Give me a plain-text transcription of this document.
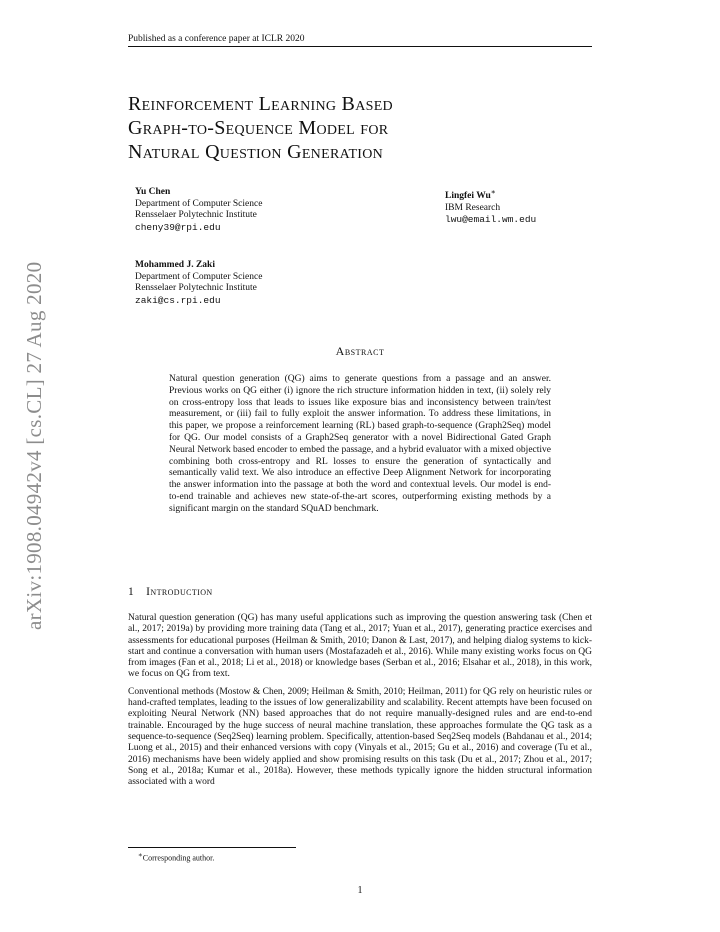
Published as a conference paper at ICLR 2020
arXiv:1908.04942v4 [cs.CL] 27 Aug 2020
Reinforcement Learning Based
Graph-to-Sequence Model for
Natural Question Generation
Yu Chen
Department of Computer Science
Rensselaer Polytechnic Institute
cheny39@rpi.edu
Lingfei Wu∗
IBM Research
lwu@email.wm.edu
Mohammed J. Zaki
Department of Computer Science
Rensselaer Polytechnic Institute
zaki@cs.rpi.edu
Abstract
Natural question generation (QG) aims to generate questions from a passage and an answer. Previous works on QG either (i) ignore the rich structure information hidden in text, (ii) solely rely on cross-entropy loss that leads to issues like exposure bias and inconsistency between train/test measurement, or (iii) fail to fully exploit the answer information. To address these limitations, in this paper, we propose a reinforcement learning (RL) based graph-to-sequence (Graph2Seq) model for QG. Our model consists of a Graph2Seq generator with a novel Bidirectional Gated Graph Neural Network based encoder to embed the passage, and a hybrid evaluator with a mixed objective combining both cross-entropy and RL losses to ensure the generation of syntactically and semantically valid text. We also introduce an effective Deep Alignment Network for incorporating the answer information into the passage at both the word and contextual levels. Our model is end-to-end trainable and achieves new state-of-the-art scores, outperforming existing methods by a significant margin on the standard SQuAD benchmark.
1 Introduction

Natural question generation (QG) has many useful applications such as improving the question answering task (Chen et al., 2017; 2019a) by providing more training data (Tang et al., 2017; Yuan et al., 2017), generating practice exercises and assessments for educational purposes (Heilman & Smith, 2010; Danon & Last, 2017), and helping dialog systems to kick-start and continue a conversation with human users (Mostafazadeh et al., 2016). While many existing works focus on QG from images (Fan et al., 2018; Li et al., 2018) or knowledge bases (Serban et al., 2016; Elsahar et al., 2018), in this work, we focus on QG from text.

Conventional methods (Mostow & Chen, 2009; Heilman & Smith, 2010; Heilman, 2011) for QG rely on heuristic rules or hand-crafted templates, leading to the issues of low generalizability and scalability. Recent attempts have been focused on exploiting Neural Network (NN) based approaches that do not require manually-designed rules and are end-to-end trainable. Encouraged by the huge success of neural machine translation, these approaches formulate the QG task as a sequence-to-sequence (Seq2Seq) learning problem. Specifically, attention-based Seq2Seq models (Bahdanau et al., 2014; Luong et al., 2015) and their enhanced versions with copy (Vinyals et al., 2015; Gu et al., 2016) and coverage (Tu et al., 2016) mechanisms have been widely applied and show promising results on this task (Du et al., 2017; Zhou et al., 2017; Song et al., 2018a; Kumar et al., 2018a). However, these methods typically ignore the hidden structural information associated with a word

∗Corresponding author.
1
